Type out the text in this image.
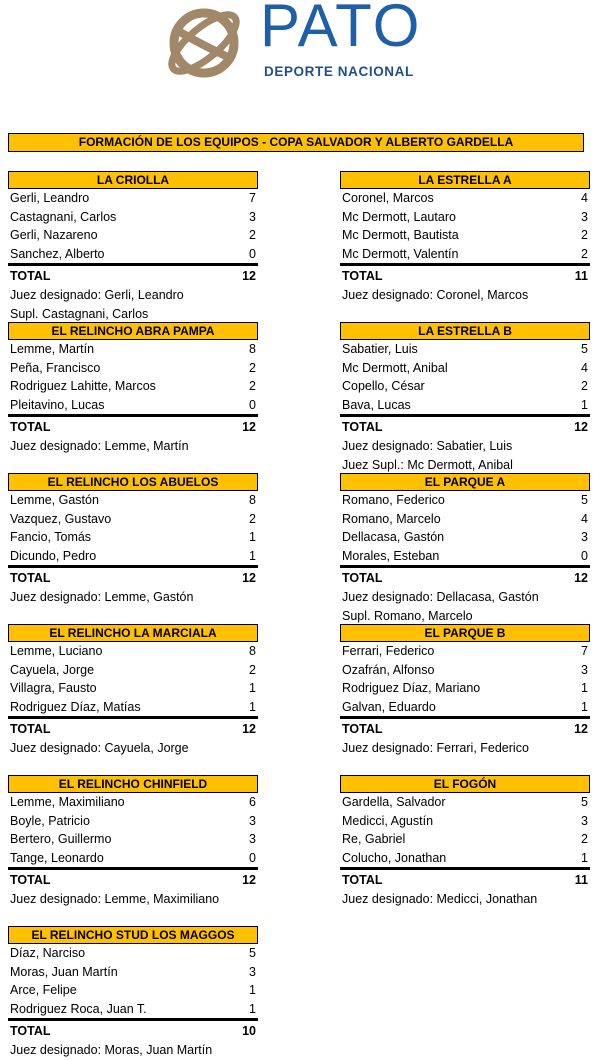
PATO
DEPORTE NACIONAL
FORMACIÓN DE LOS EQUIPOS - COPA SALVADOR Y ALBERTO GARDELLA
LA CRIOLLA
Gerli, Leandro	7
Castagnani, Carlos	3
Gerli, Nazareno	2
Sanchez, Alberto	0
TOTAL	12
Juez designado: Gerli, Leandro
Supl. Castagnani, Carlos
LA ESTRELLA A
Coronel, Marcos	4
Mc Dermott, Lautaro	3
Mc Dermott, Bautista	2
Mc Dermott, Valentín	2
TOTAL	11
Juez designado: Coronel, Marcos
EL RELINCHO ABRA PAMPA
Lemme, Martín	8
Peña, Francisco	2
Rodriguez Lahitte, Marcos	2
Pleitavino, Lucas	0
TOTAL	12
Juez designado: Lemme, Martín
LA ESTRELLA B
Sabatier, Luis	5
Mc Dermott, Anibal	4
Copello, César	2
Bava, Lucas	1
TOTAL	12
Juez designado: Sabatier, Luis
Juez Supl.: Mc Dermott, Anibal
EL RELINCHO LOS ABUELOS
Lemme, Gastón	8
Vazquez, Gustavo	2
Fancio, Tomás	1
Dicundo, Pedro	1
TOTAL	12
Juez designado: Lemme, Gastón
EL PARQUE A
Romano, Federico	5
Romano, Marcelo	4
Dellacasa, Gastón	3
Morales, Esteban	0
TOTAL	12
Juez designado: Dellacasa, Gastón
Supl. Romano, Marcelo
EL RELINCHO LA MARCIALA
Lemme, Luciano	8
Cayuela, Jorge	2
Villagra, Fausto	1
Rodriguez Díaz, Matías	1
TOTAL	12
Juez designado: Cayuela, Jorge
EL PARQUE B
Ferrari, Federico	7
Ozafrán, Alfonso	3
Rodriguez Díaz, Mariano	1
Galvan, Eduardo	1
TOTAL	12
Juez designado: Ferrari, Federico
EL RELINCHO CHINFIELD
Lemme, Maximiliano	6
Boyle, Patricio	3
Bertero, Guillermo	3
Tange, Leonardo	0
TOTAL	12
Juez designado: Lemme, Maximiliano
EL FOGÓN
Gardella, Salvador	5
Medicci, Agustín	3
Re, Gabriel	2
Colucho, Jonathan	1
TOTAL	11
Juez designado: Medicci, Jonathan
EL RELINCHO STUD LOS MAGGOS
Díaz, Narciso	5
Moras, Juan Martín	3
Arce, Felipe	1
Rodriguez Roca, Juan T.	1
TOTAL	10
Juez designado: Moras, Juan Martín
